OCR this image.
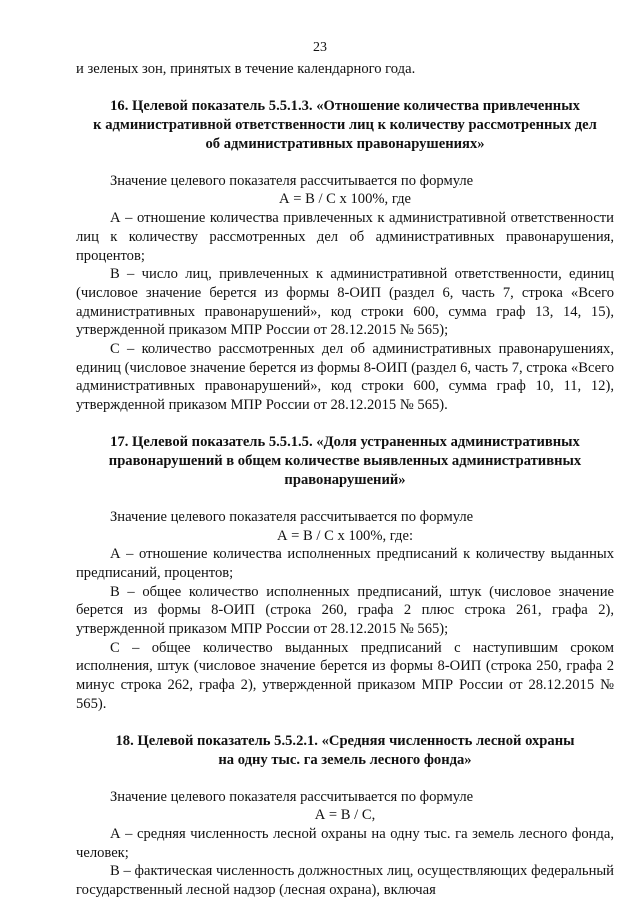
23

и зеленых зон, принятых в течение календарного года.

16. Целевой показатель 5.5.1.3. «Отношение количества привлеченных
к административной ответственности лиц к количеству рассмотренных дел
об административных правонарушениях»

Значение целевого показателя рассчитывается по формуле

А = В / С х 100%, где

А – отношение количества привлеченных к административной ответственности лиц к количеству рассмотренных дел об административных правонарушения, процентов;

В – число лиц, привлеченных к административной ответственности, единиц (числовое значение берется из формы 8-ОИП (раздел 6, часть 7, строка «Всего административных правонарушений», код строки 600, сумма граф 13, 14, 15), утвержденной приказом МПР России от 28.12.2015 № 565);

С – количество рассмотренных дел об административных правонарушениях, единиц (числовое значение берется из формы 8-ОИП (раздел 6, часть 7, строка «Всего административных правонарушений», код строки 600, сумма граф 10, 11, 12), утвержденной приказом МПР России от 28.12.2015 № 565).

17. Целевой показатель 5.5.1.5. «Доля устраненных административных
правонарушений в общем количестве выявленных административных
правонарушений»

Значение целевого показателя рассчитывается по формуле

А = В / С х 100%, где:

А – отношение количества исполненных предписаний к количеству выданных предписаний, процентов;

В – общее количество исполненных предписаний, штук (числовое значение берется из формы 8-ОИП (строка 260, графа 2 плюс строка 261, графа 2), утвержденной приказом МПР России от 28.12.2015 № 565);

С – общее количество выданных предписаний с наступившим сроком исполнения, штук (числовое значение берется из формы 8-ОИП (строка 250, графа 2 минус строка 262, графа 2), утвержденной приказом МПР России от 28.12.2015 № 565).

18. Целевой показатель 5.5.2.1. «Средняя численность лесной охраны
на одну тыс. га земель лесного фонда»

Значение целевого показателя рассчитывается по формуле

А = В / С,

А – средняя численность лесной охраны на одну тыс. га земель лесного фонда, человек;

В – фактическая численность должностных лиц, осуществляющих федеральный государственный лесной надзор (лесная охрана), включая
